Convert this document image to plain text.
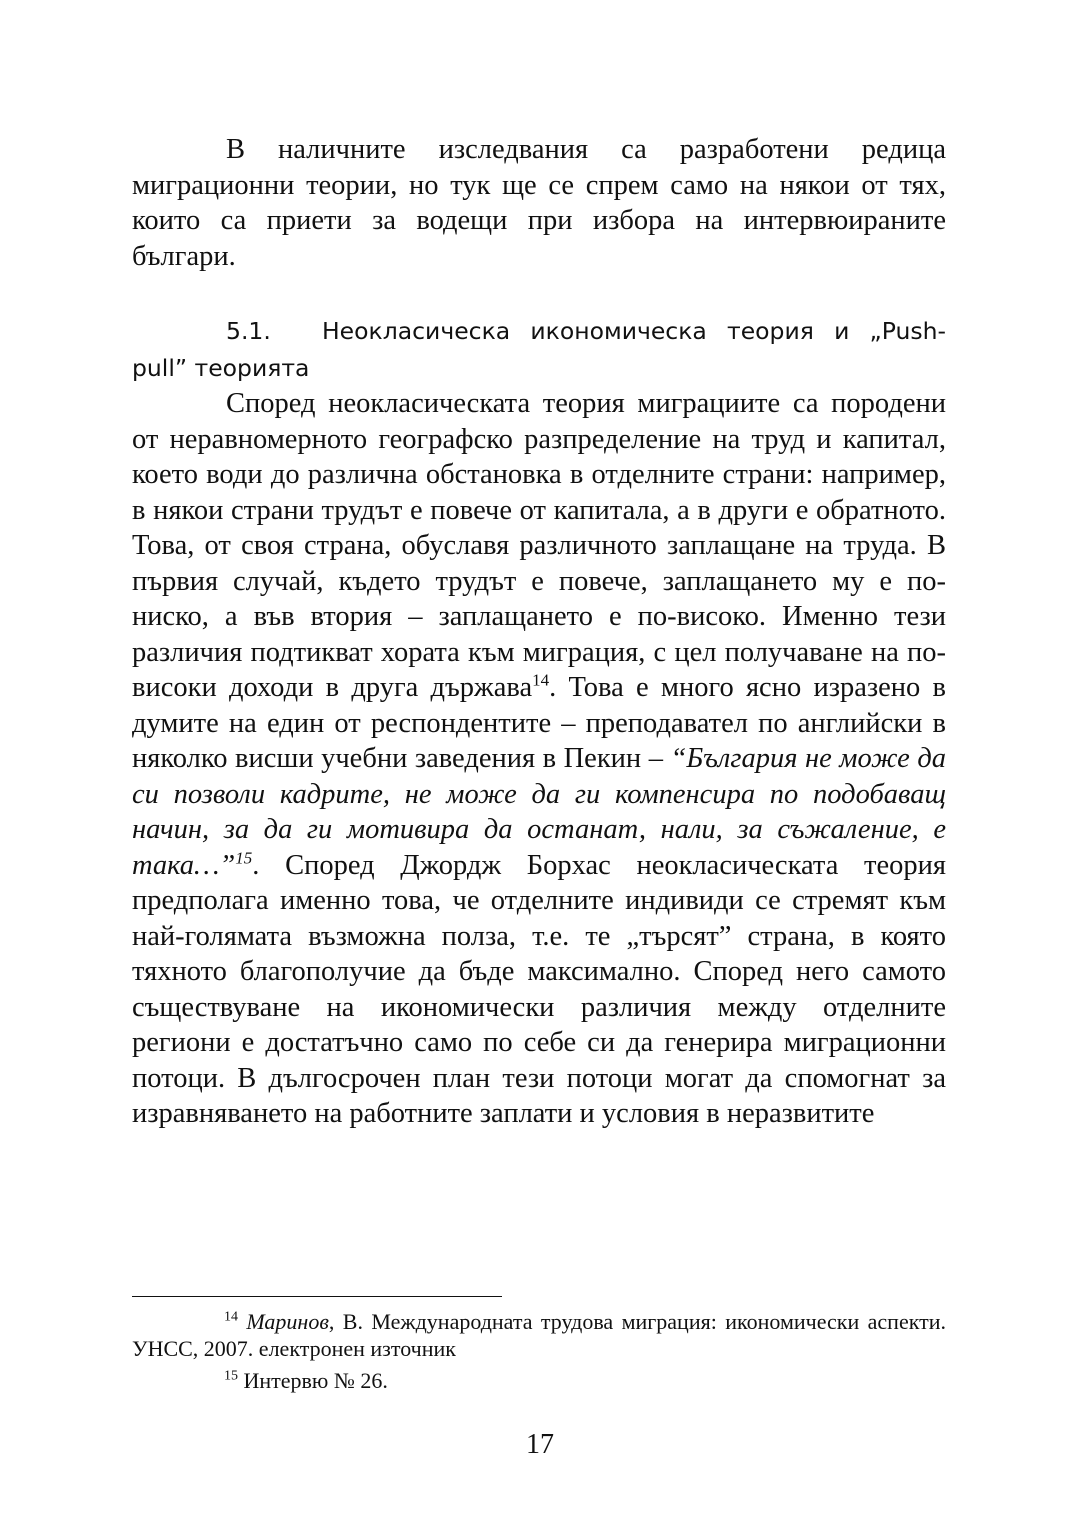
В наличните изследвания са разработени редица миграционни теории, но тук ще се спрем само на някои от тях, които са приети за водещи при избора на интервюираните българи.

5.1. Неокласическа икономическа теория и „Push-pull” теорията

Според неокласическата теория миграциите са породени от неравномерното географско разпределение на труд и капитал, което води до различна обстановка в отделните страни: например, в някои страни трудът е повече от капитала, а в други е обратното. Това, от своя страна, обуславя различното заплащане на труда. В първия случай, където трудът е повече, заплащането му е по-ниско, а във втория – заплащането е по-високо. Именно тези различия подтикват хората към миграция, с цел получаване на по-високи доходи в друга държава$^{14}$. Това е много ясно изразено в думите на един от респондентите – преподавател по английски в няколко висши учебни заведения в Пекин – “България не може да си позволи кадрите, не може да ги компенсира по подобаващ начин, за да ги мотивира да останат, нали, за съжаление, е така…”$^{15}$. Според Джордж Борхас неокласическата теория предполага именно това, че отделните индивиди се стремят към най-голямата възможна полза, т.е. те „търсят” страна, в която тяхното благополучие да бъде максимално. Според него самото съществуване на икономически различия между отделните региони е достатъчно само по себе си да генерира миграционни потоци. В дългосрочен план тези потоци могат да спомогнат за изравняването на работните заплати и условия в неразвитите

$^{14}$ Маринов, В. Международната трудова миграция: икономически аспекти. УНСС, 2007. електронен източник

$^{15}$ Интервю № 26.

17
